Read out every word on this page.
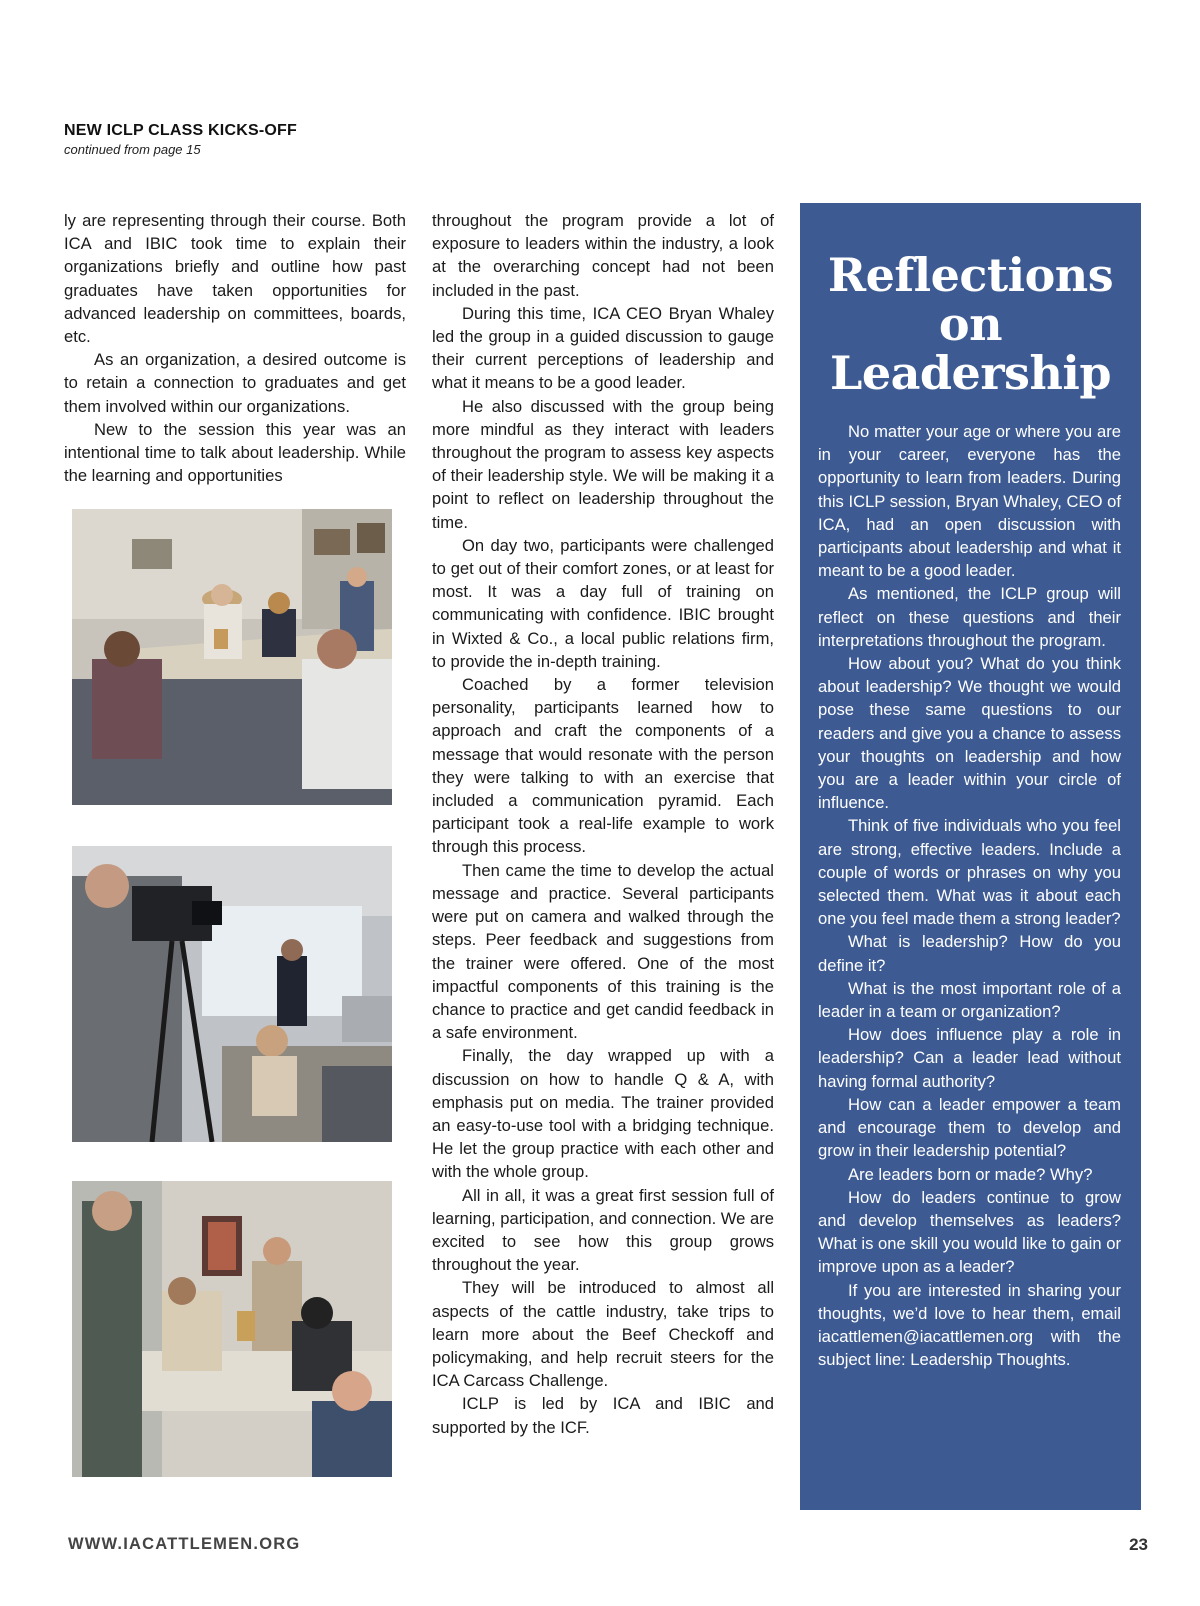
NEW ICLP CLASS KICKS-OFF
continued from page 15

ly are representing through their course. Both ICA and IBIC took time to explain their organizations briefly and outline how past graduates have taken opportunities for advanced leadership on committees, boards, etc.

As an organization, a desired outcome is to retain a connection to graduates and get them involved within our organizations.

New to the session this year was an intentional time to talk about leadership. While the learning and opportunities

throughout the program provide a lot of exposure to leaders within the industry, a look at the overarching concept had not been included in the past.

During this time, ICA CEO Bryan Whaley led the group in a guided discussion to gauge their current perceptions of leadership and what it means to be a good leader.

He also discussed with the group being more mindful as they interact with leaders throughout the program to assess key aspects of their leadership style. We will be making it a point to reflect on leadership throughout the time.

On day two, participants were challenged to get out of their comfort zones, or at least for most. It was a day full of training on communicating with confidence. IBIC brought in Wixted & Co., a local public relations firm, to provide the in-depth training.

Coached by a former television personality, participants learned how to approach and craft the components of a message that would resonate with the person they were talking to with an exercise that included a communication pyramid. Each participant took a real-life example to work through this process.

Then came the time to develop the actual message and practice. Several participants were put on camera and walked through the steps. Peer feedback and suggestions from the trainer were offered. One of the most impactful components of this training is the chance to practice and get candid feedback in a safe environment.

Finally, the day wrapped up with a discussion on how to handle Q & A, with emphasis put on media. The trainer provided an easy-to-use tool with a bridging technique. He let the group practice with each other and with the whole group.

All in all, it was a great first session full of learning, participation, and connection. We are excited to see how this group grows throughout the year.

They will be introduced to almost all aspects of the cattle industry, take trips to learn more about the Beef Checkoff and policymaking, and help recruit steers for the ICA Carcass Challenge.

ICLP is led by ICA and IBIC and supported by the ICF.

Reflections
on
Leadership

No matter your age or where you are in your career, everyone has the opportunity to learn from leaders. During this ICLP session, Bryan Whaley, CEO of ICA, had an open discussion with participants about leadership and what it meant to be a good leader.

As mentioned, the ICLP group will reflect on these questions and their interpretations throughout the program.

How about you? What do you think about leadership? We thought we would pose these same questions to our readers and give you a chance to assess your thoughts on leadership and how you are a leader within your circle of influence.

Think of five individuals who you feel are strong, effective leaders. Include a couple of words or phrases on why you selected them. What was it about each one you feel made them a strong leader?

What is leadership? How do you define it?

What is the most important role of a leader in a team or organization?

How does influence play a role in leadership? Can a leader lead without having formal authority?

How can a leader empower a team and encourage them to develop and grow in their leadership potential?

Are leaders born or made? Why?

How do leaders continue to grow and develop themselves as leaders? What is one skill you would like to gain or improve upon as a leader?

If you are interested in sharing your thoughts, we’d love to hear them, email iacattlemen@iacattlemen.org with the subject line: Leadership Thoughts.

WWW.IACATTLEMEN.ORG	23
